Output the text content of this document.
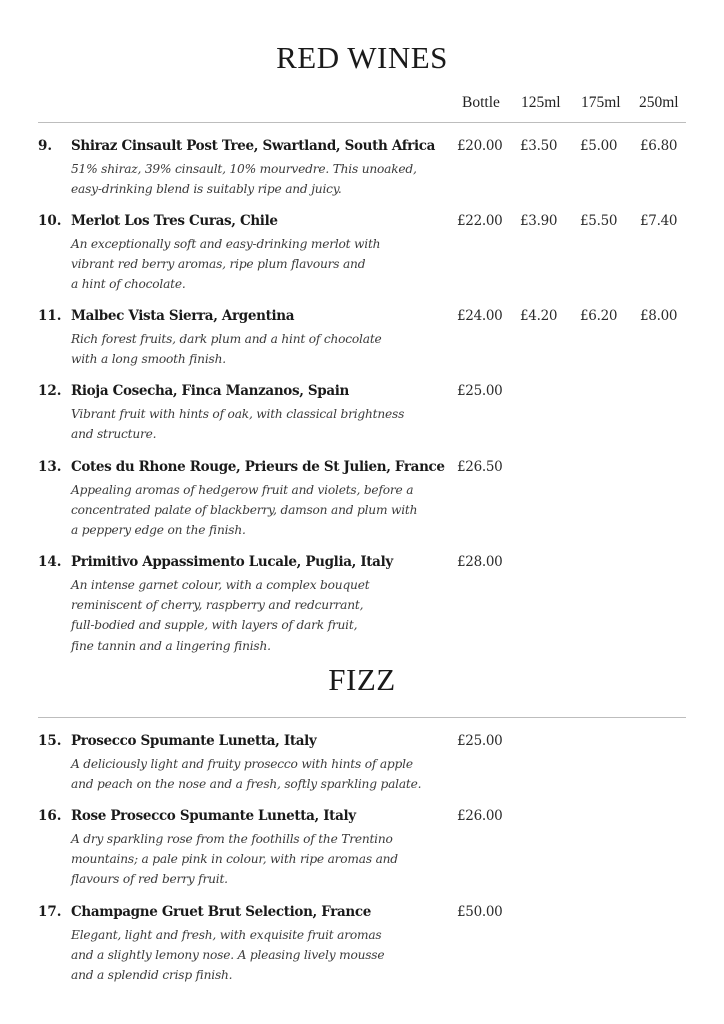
RED WINES
Bottle 125ml 175ml 250ml
9. Shiraz Cinsault Post Tree, Swartland, South Africa
51% shiraz, 39% cinsault, 10% mourvedre. This unoaked,
easy-drinking blend is suitably ripe and juicy.
£20.00 £3.50 £5.00 £6.80
10. Merlot Los Tres Curas, Chile
An exceptionally soft and easy-drinking merlot with
vibrant red berry aromas, ripe plum flavours and
a hint of chocolate.
£22.00 £3.90 £5.50 £7.40
11. Malbec Vista Sierra, Argentina
Rich forest fruits, dark plum and a hint of chocolate
with a long smooth finish.
£24.00 £4.20 £6.20 £8.00
12. Rioja Cosecha, Finca Manzanos, Spain
Vibrant fruit with hints of oak, with classical brightness
and structure.
£25.00
13. Cotes du Rhone Rouge, Prieurs de St Julien, France
Appealing aromas of hedgerow fruit and violets, before a
concentrated palate of blackberry, damson and plum with
a peppery edge on the finish.
£26.50
14. Primitivo Appassimento Lucale, Puglia, Italy
An intense garnet colour, with a complex bouquet
reminiscent of cherry, raspberry and redcurrant,
full-bodied and supple, with layers of dark fruit,
fine tannin and a lingering finish.
£28.00
FIZZ
15. Prosecco Spumante Lunetta, Italy
A deliciously light and fruity prosecco with hints of apple
and peach on the nose and a fresh, softly sparkling palate.
£25.00
16. Rose Prosecco Spumante Lunetta, Italy
A dry sparkling rose from the foothills of the Trentino
mountains; a pale pink in colour, with ripe aromas and
flavours of red berry fruit.
£26.00
17. Champagne Gruet Brut Selection, France
Elegant, light and fresh, with exquisite fruit aromas
and a slightly lemony nose. A pleasing lively mousse
and a splendid crisp finish.
£50.00
